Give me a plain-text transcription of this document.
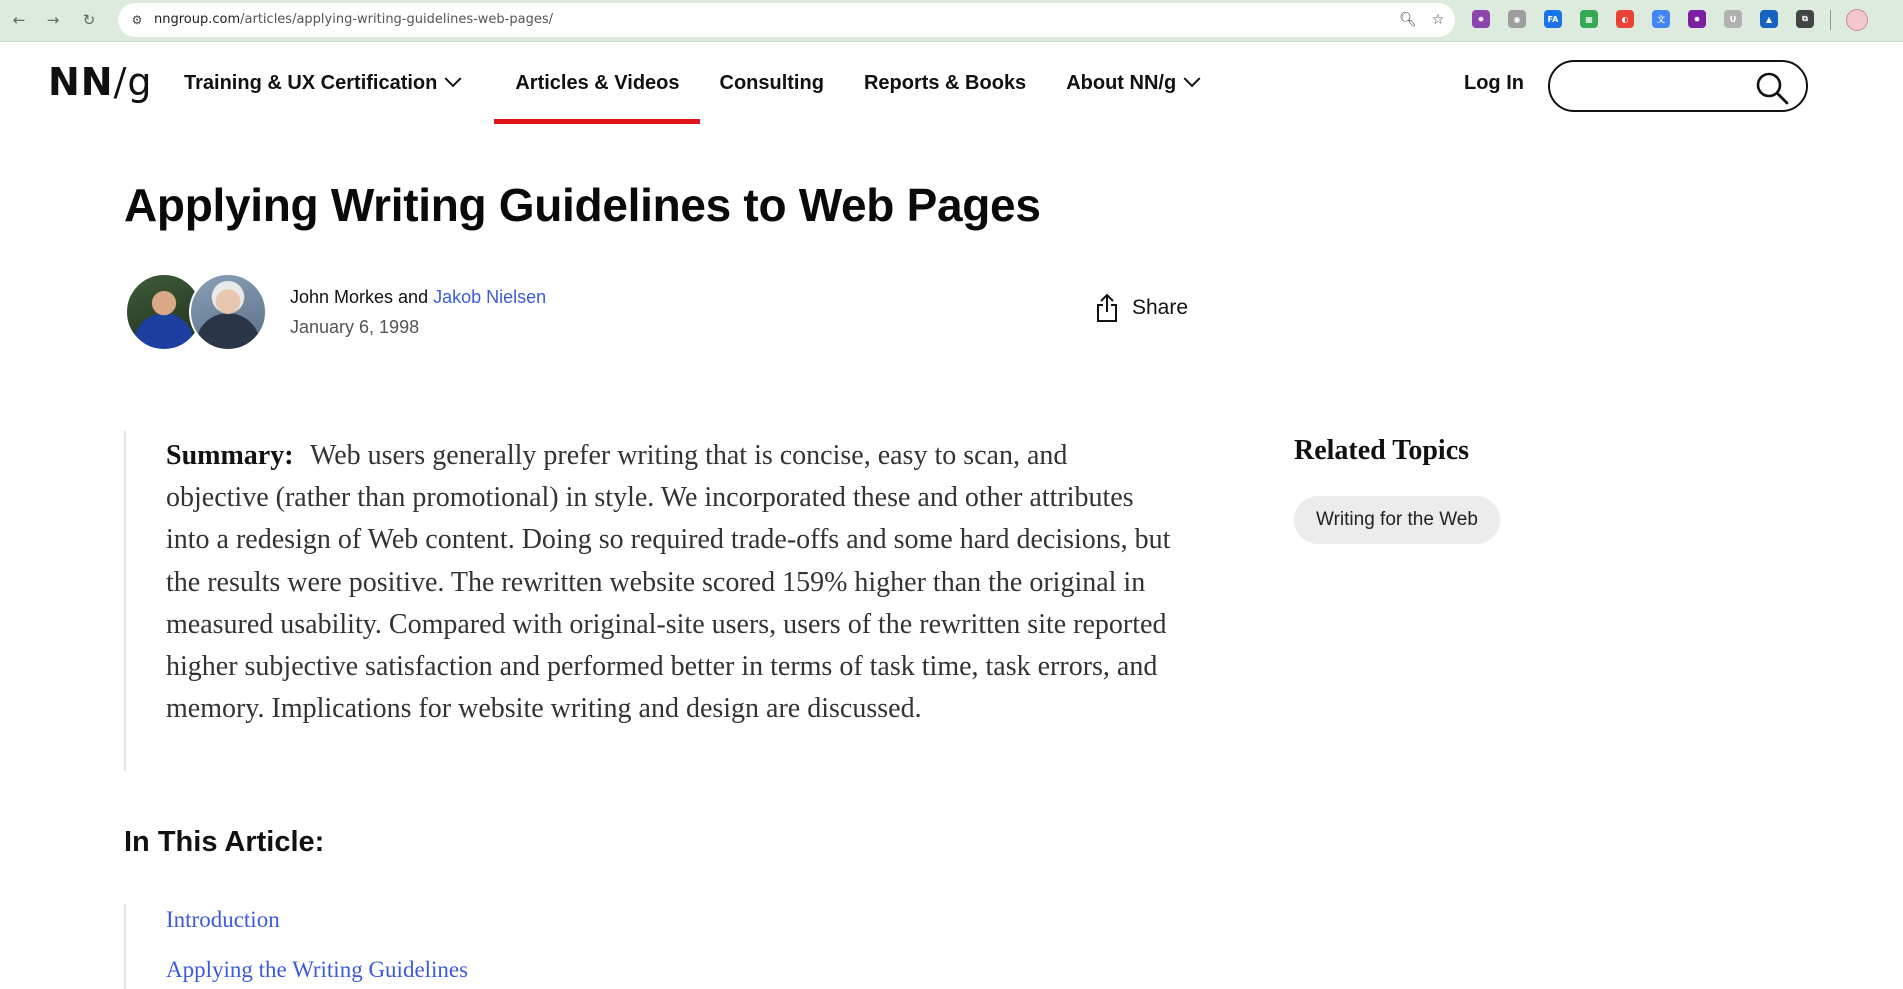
←	→	↻	⚙ nngroup.com/articles/applying-writing-guidelines-web-pages/	🔍︎ ☆	✸	◉	FA	▦	◐	文	✹	U	▲	⧉
NN/g Training & UX Certification	Articles & Videos Consulting Reports & Books About NN/g	Log In
Applying Writing Guidelines to Web Pages
John Morkes and Jakob Nielsen
January 6, 1998
Share
Summary: Web users generally prefer writing that is concise, easy to scan, and objective (rather than promotional) in style. We incorporated these and other attributes into a redesign of Web content. Doing so required trade-offs and some hard decisions, but the results were positive. The rewritten website scored 159% higher than the original in measured usability. Compared with original-site users, users of the rewritten site reported higher subjective satisfaction and performed better in terms of task time, task errors, and memory. Implications for website writing and design are discussed.
Related Topics
Writing for the Web
In This Article:
Introduction
Applying the Writing Guidelines
